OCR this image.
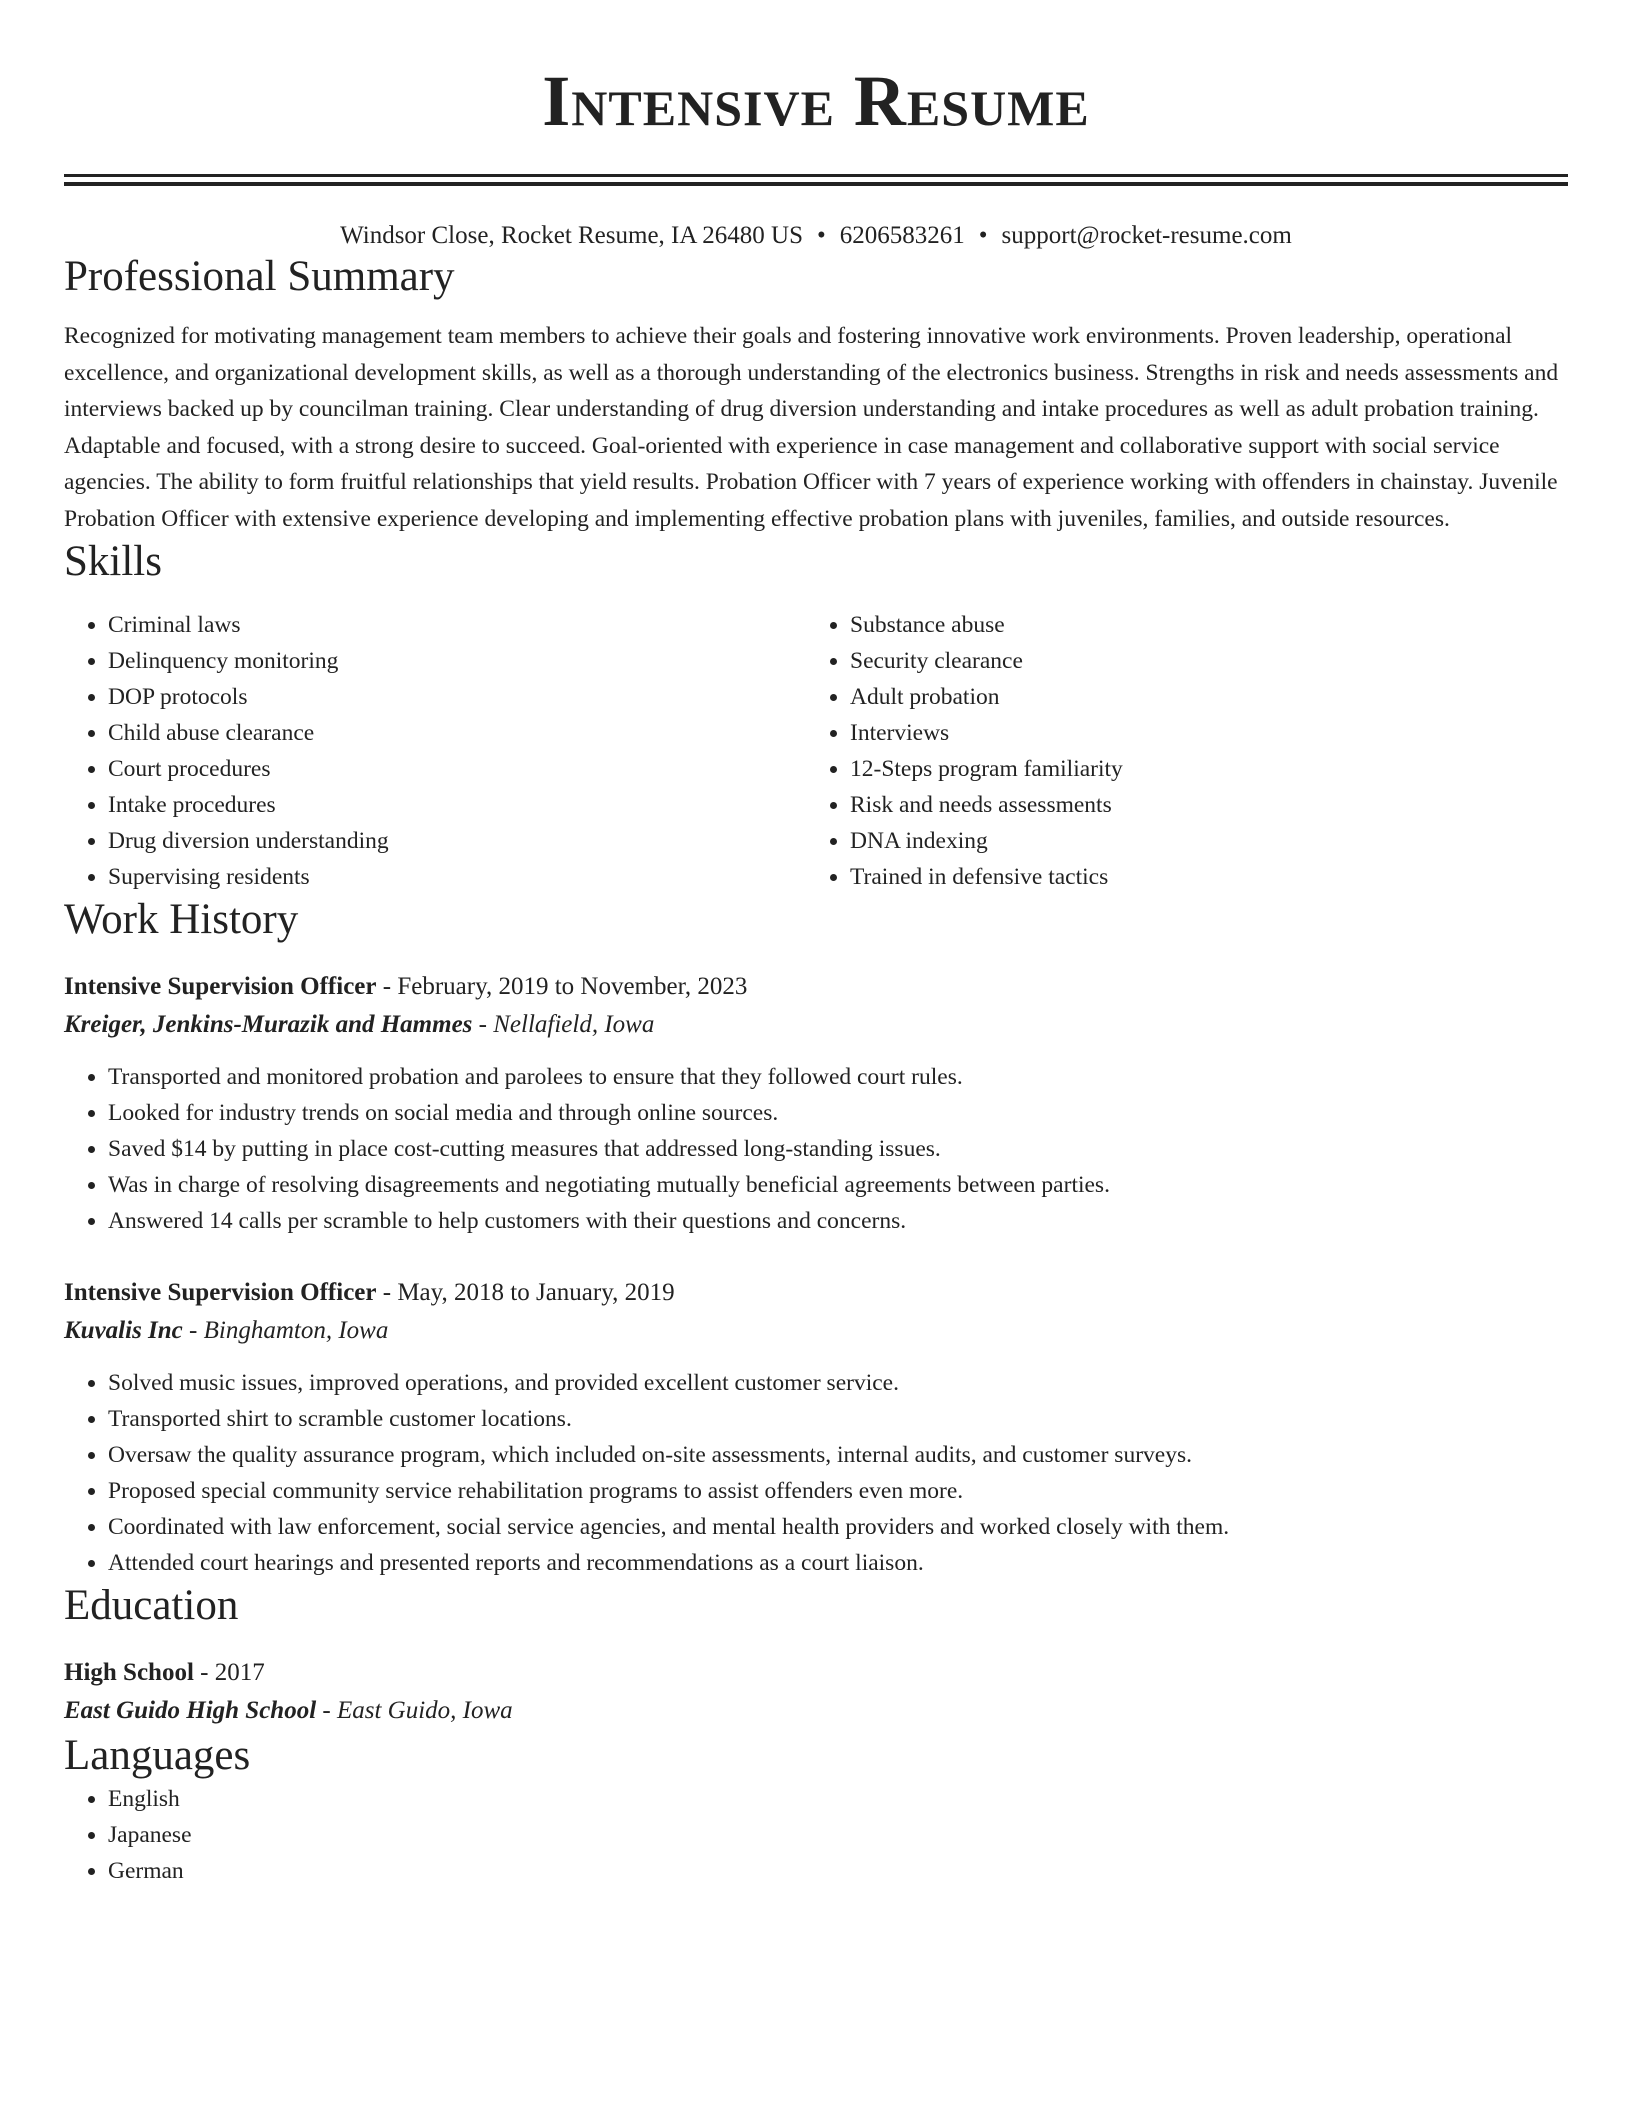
Intensive Resume
Windsor Close, Rocket Resume, IA 26480 US • 6206583261 • support@rocket-resume.com
Professional Summary

Recognized for motivating management team members to achieve their goals and fostering innovative work environments. Proven leadership, operational excellence, and organizational development skills, as well as a thorough understanding of the electronics business. Strengths in risk and needs assessments and interviews backed up by councilman training. Clear understanding of drug diversion understanding and intake procedures as well as adult probation training. Adaptable and focused, with a strong desire to succeed. Goal-oriented with experience in case management and collaborative support with social service agencies. The ability to form fruitful relationships that yield results. Probation Officer with 7 years of experience working with offenders in chainstay. Juvenile Probation Officer with extensive experience developing and implementing effective probation plans with juveniles, families, and outside resources.

Skills
• Criminal laws
• Delinquency monitoring
• DOP protocols
• Child abuse clearance
• Court procedures
• Intake procedures
• Drug diversion understanding
• Supervising residents
• Substance abuse
• Security clearance
• Adult probation
• Interviews
• 12-Steps program familiarity
• Risk and needs assessments
• DNA indexing
• Trained in defensive tactics
Work History
Intensive Supervision Officer - February, 2019 to November, 2023
Kreiger, Jenkins-Murazik and Hammes - Nellafield, Iowa
• Transported and monitored probation and parolees to ensure that they followed court rules.
• Looked for industry trends on social media and through online sources.
• Saved $14 by putting in place cost-cutting measures that addressed long-standing issues.
• Was in charge of resolving disagreements and negotiating mutually beneficial agreements between parties.
• Answered 14 calls per scramble to help customers with their questions and concerns.
Intensive Supervision Officer - May, 2018 to January, 2019
Kuvalis Inc - Binghamton, Iowa
• Solved music issues, improved operations, and provided excellent customer service.
• Transported shirt to scramble customer locations.
• Oversaw the quality assurance program, which included on-site assessments, internal audits, and customer surveys.
• Proposed special community service rehabilitation programs to assist offenders even more.
• Coordinated with law enforcement, social service agencies, and mental health providers and worked closely with them.
• Attended court hearings and presented reports and recommendations as a court liaison.
Education
High School - 2017
East Guido High School - East Guido, Iowa
Languages
• English
• Japanese
• German
